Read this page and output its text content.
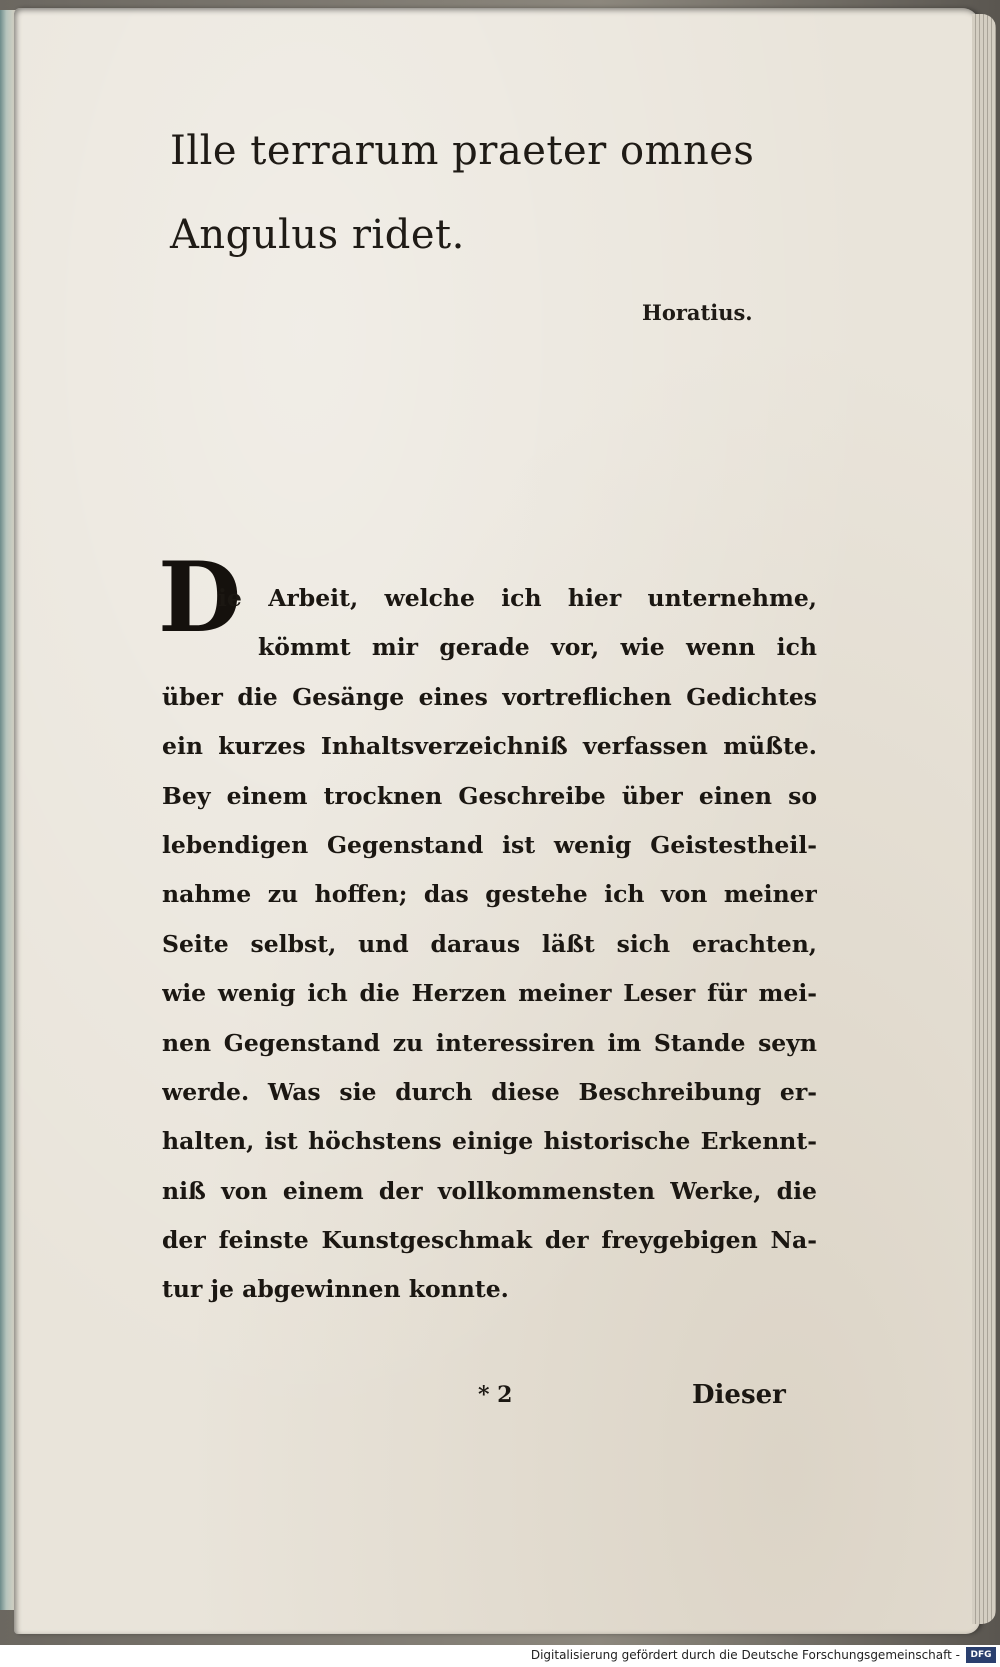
Ille terrarum praeter omnes

Angulus ridet.

Horatius.

D

ie Arbeit, welche ich hier unternehme,
kömmt mir gerade vor, wie wenn ich
über die Gesänge eines vortreflichen Gedichtes
ein kurzes Inhaltsverzeichniß verfassen müßte.
Bey einem trocknen Geschreibe über einen so
lebendigen Gegenstand ist wenig Geistestheil-
nahme zu hoffen; das gestehe ich von meiner
Seite selbst, und daraus läßt sich erachten,
wie wenig ich die Herzen meiner Leser für mei-
nen Gegenstand zu interessiren im Stande seyn
werde. Was sie durch diese Beschreibung er-
halten, ist höchstens einige historische Erkennt-
niß von einem der vollkommensten Werke, die
der feinste Kunstgeschmak der freygebigen Na-
tur je abgewinnen konnte.

* 2	Dieser

Digitalisierung gefördert durch die Deutsche Forschungsgemeinschaft -	DFG
